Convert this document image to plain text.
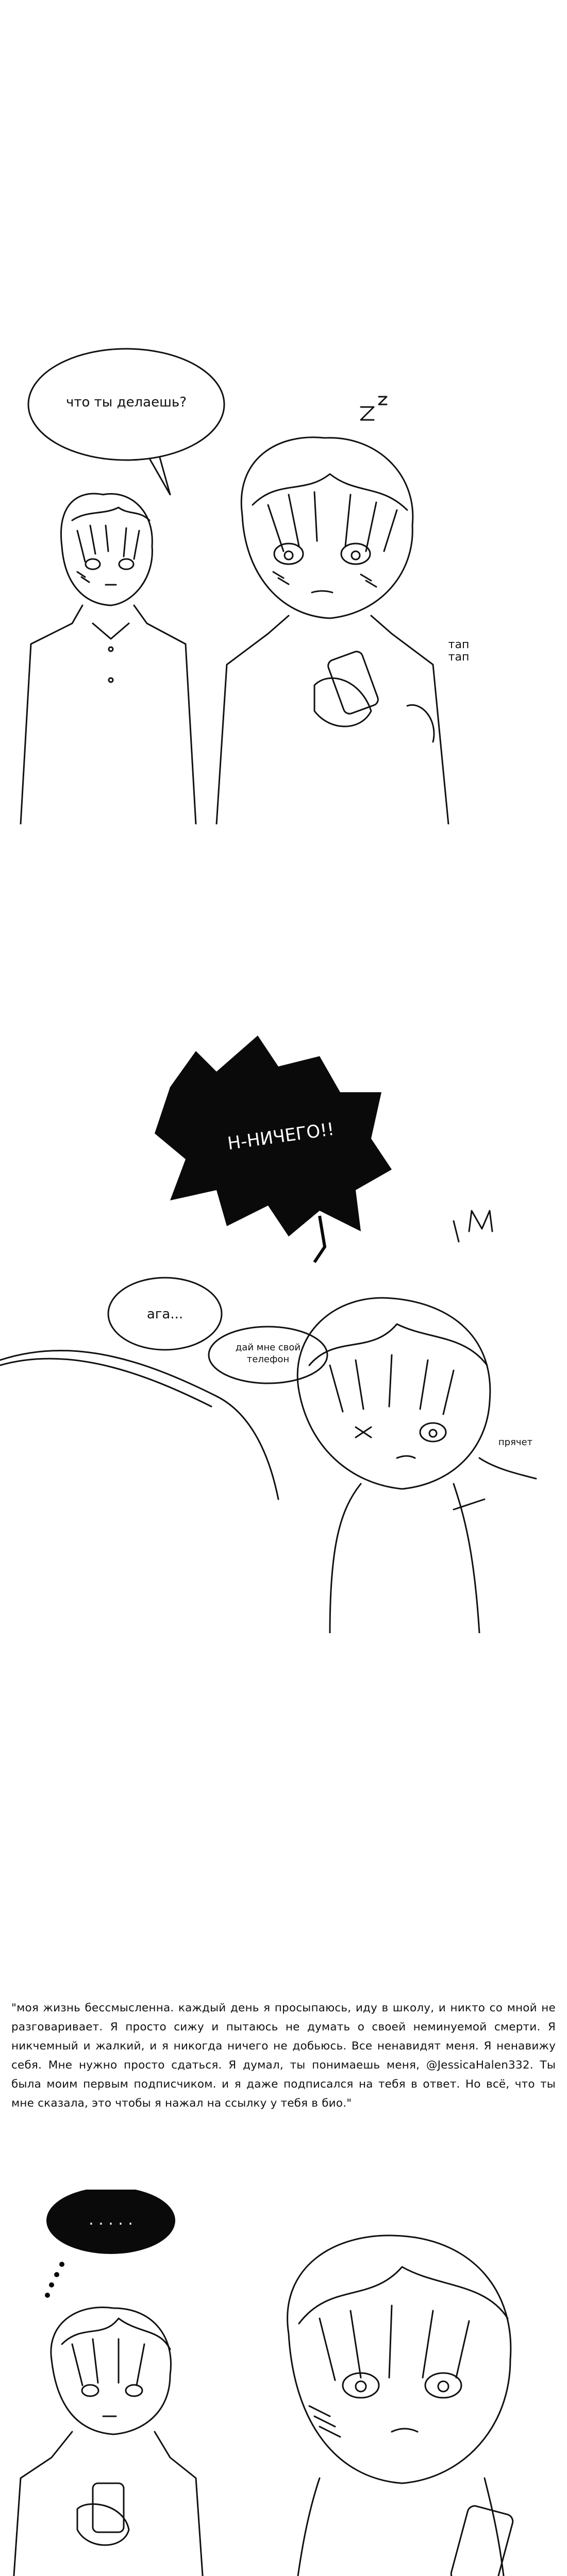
что ты делаешь?
тап
тап
Н-НИЧЕГО!!
ага...
дай мне свой
телефон
прячет
"моя жизнь бессмысленна. каждый день я просыпаюсь, иду в школу, и никто со мной не разговаривает. Я просто сижу и пытаюсь не думать о своей неминуемой смерти. Я никчемный и жалкий, и я никогда ничего не добьюсь. Все ненавидят меня. Я ненавижу себя. Мне нужно просто сдаться. Я думал, ты понимаешь меня, @JessicaHalen332. Ты была моим первым подписчиком. и я даже подписался на тебя в ответ. Но всё, что ты мне сказала, это чтобы я нажал на ссылку у тебя в био."
. . . . .
